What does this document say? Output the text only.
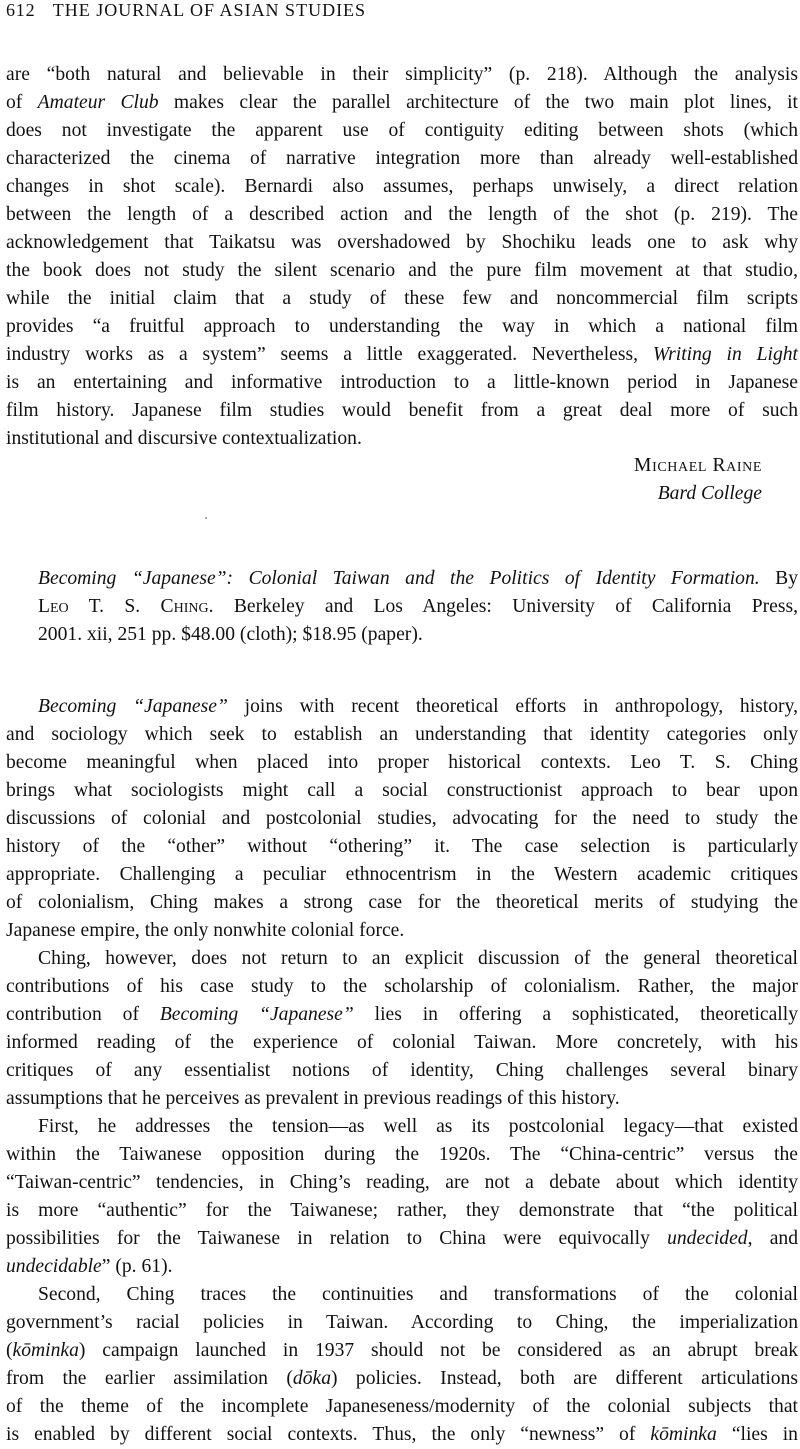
612 THE JOURNAL OF ASIAN STUDIES
are “both natural and believable in their simplicity” (p. 218). Although the analysis
of Amateur Club makes clear the parallel architecture of the two main plot lines, it
does not investigate the apparent use of contiguity editing between shots (which
characterized the cinema of narrative integration more than already well-established
changes in shot scale). Bernardi also assumes, perhaps unwisely, a direct relation
between the length of a described action and the length of the shot (p. 219). The
acknowledgement that Taikatsu was overshadowed by Shochiku leads one to ask why
the book does not study the silent scenario and the pure film movement at that studio,
while the initial claim that a study of these few and noncommercial film scripts
provides “a fruitful approach to understanding the way in which a national film
industry works as a system” seems a little exaggerated. Nevertheless, Writing in Light
is an entertaining and informative introduction to a little-known period in Japanese
film history. Japanese film studies would benefit from a great deal more of such
institutional and discursive contextualization.
Michael Raine
Bard College
Becoming “Japanese”: Colonial Taiwan and the Politics of Identity Formation. By
Leo T. S. Ching. Berkeley and Los Angeles: University of California Press,
2001. xii, 251 pp. $48.00 (cloth); $18.95 (paper).
Becoming “Japanese” joins with recent theoretical efforts in anthropology, history,
and sociology which seek to establish an understanding that identity categories only
become meaningful when placed into proper historical contexts. Leo T. S. Ching
brings what sociologists might call a social constructionist approach to bear upon
discussions of colonial and postcolonial studies, advocating for the need to study the
history of the “other” without “othering” it. The case selection is particularly
appropriate. Challenging a peculiar ethnocentrism in the Western academic critiques
of colonialism, Ching makes a strong case for the theoretical merits of studying the
Japanese empire, the only nonwhite colonial force.
Ching, however, does not return to an explicit discussion of the general theoretical
contributions of his case study to the scholarship of colonialism. Rather, the major
contribution of Becoming “Japanese” lies in offering a sophisticated, theoretically
informed reading of the experience of colonial Taiwan. More concretely, with his
critiques of any essentialist notions of identity, Ching challenges several binary
assumptions that he perceives as prevalent in previous readings of this history.
First, he addresses the tension—as well as its postcolonial legacy—that existed
within the Taiwanese opposition during the 1920s. The “China-centric” versus the
“Taiwan-centric” tendencies, in Ching’s reading, are not a debate about which identity
is more “authentic” for the Taiwanese; rather, they demonstrate that “the political
possibilities for the Taiwanese in relation to China were equivocally undecided, and
undecidable” (p. 61).
Second, Ching traces the continuities and transformations of the colonial
government’s racial policies in Taiwan. According to Ching, the imperialization
(kōminka) campaign launched in 1937 should not be considered as an abrupt break
from the earlier assimilation (dōka) policies. Instead, both are different articulations
of the theme of the incomplete Japaneseness/modernity of the colonial subjects that
is enabled by different social contexts. Thus, the only “newness” of kōminka “lies in
